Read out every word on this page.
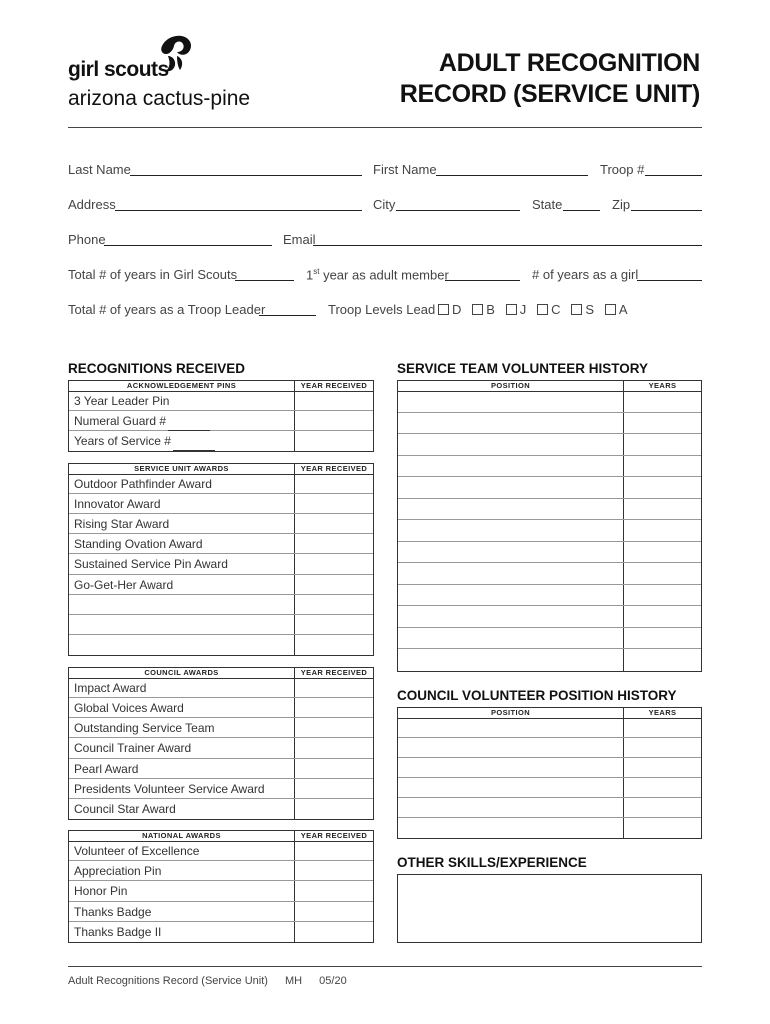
girl scouts
arizona cactus-pine
ADULT RECOGNITION
RECORD (SERVICE UNIT)
Last Name	First Name	Troop #
Address	City	State	Zip
Phone	Email
Total # of years in Girl Scouts	1st year as adult member	# of years as a girl
Total # of years as a Troop Leader	Troop Levels Lead	D B J C S A
RECOGNITIONS RECEIVED
ACKNOWLEDGEMENT PINS	YEAR RECEIVED
3 Year Leader Pin
Numeral Guard #
Years of Service #
SERVICE UNIT AWARDS	YEAR RECEIVED
Outdoor Pathfinder Award
Innovator Award
Rising Star Award
Standing Ovation Award
Sustained Service Pin Award
Go-Get-Her Award
COUNCIL AWARDS	YEAR RECEIVED
Impact Award
Global Voices Award
Outstanding Service Team
Council Trainer Award
Pearl Award
Presidents Volunteer Service Award
Council Star Award
NATIONAL AWARDS	YEAR RECEIVED
Volunteer of Excellence
Appreciation Pin
Honor Pin
Thanks Badge
Thanks Badge II
SERVICE TEAM VOLUNTEER HISTORY
POSITION	YEARS
COUNCIL VOLUNTEER POSITION HISTORY
POSITION	YEARS
OTHER SKILLS/EXPERIENCE
Adult Recognitions Record (Service Unit) MH 05/20
